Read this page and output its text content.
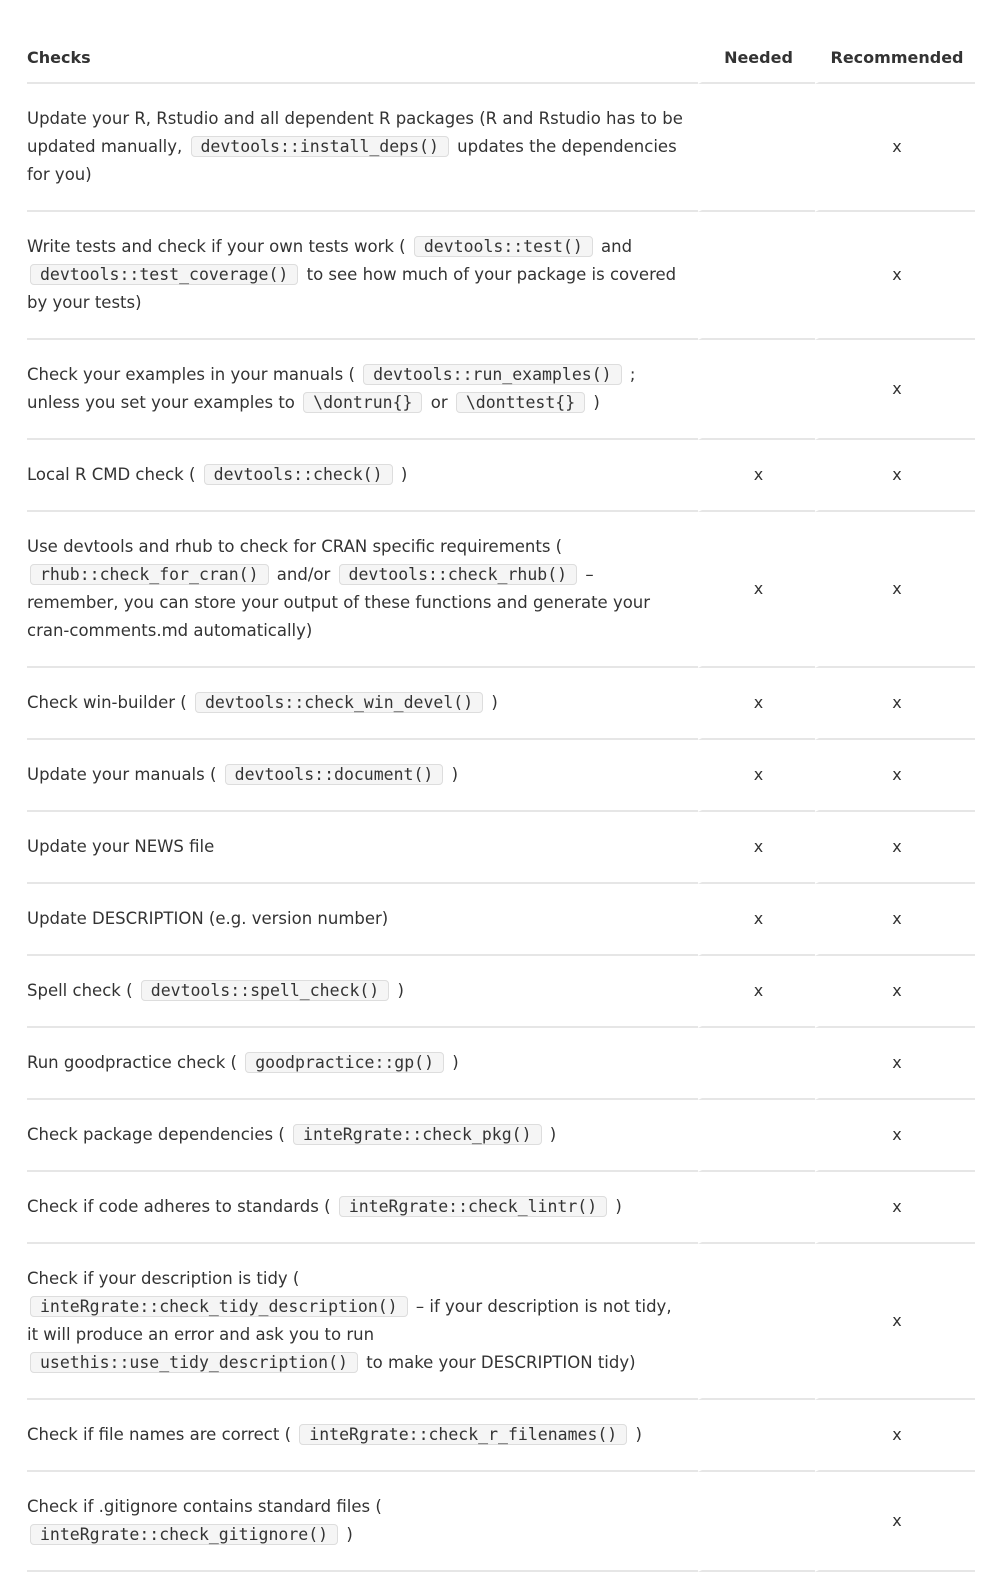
Checks	Needed	Recommended
Update your R, Rstudio and all dependent R packages (R and Rstudio has to be updated manually, devtools::install_deps() updates the dependencies for you)		x
Write tests and check if your own tests work ( devtools::test() and devtools::test_coverage() to see how much of your package is covered by your tests)		x
Check your examples in your manuals ( devtools::run_examples() ; unless you set your examples to \dontrun{} or \donttest{} )		x
Local R CMD check ( devtools::check() )	x	x
Use devtools and rhub to check for CRAN specific requirements ( rhub::check_for_cran() and/or devtools::check_rhub() – remember, you can store your output of these functions and generate your cran-comments.md automatically)	x	x
Check win-builder ( devtools::check_win_devel() )	x	x
Update your manuals ( devtools::document() )	x	x
Update your NEWS file	x	x
Update DESCRIPTION (e.g. version number)	x	x
Spell check ( devtools::spell_check() )	x	x
Run goodpractice check ( goodpractice::gp() )		x
Check package dependencies ( inteRgrate::check_pkg() )		x
Check if code adheres to standards ( inteRgrate::check_lintr() )		x
Check if your description is tidy ( inteRgrate::check_tidy_description() – if your description is not tidy, it will produce an error and ask you to run usethis::use_tidy_description() to make your DESCRIPTION tidy)		x
Check if file names are correct ( inteRgrate::check_r_filenames() )		x
Check if .gitignore contains standard files ( inteRgrate::check_gitignore() )		x
